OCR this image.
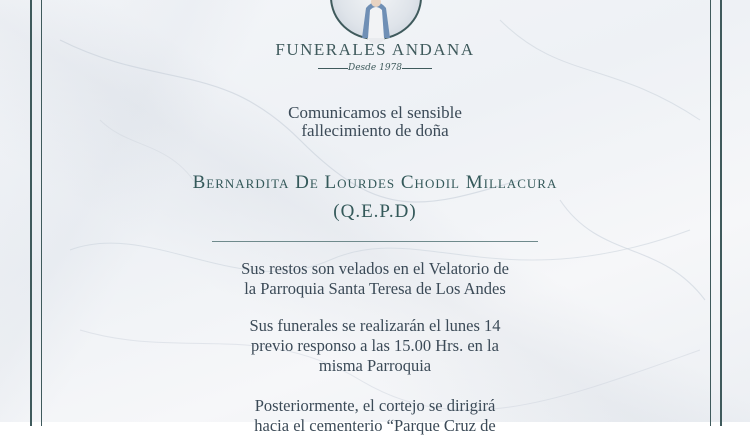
FUNERALES ANDANA
Desde 1978
Comunicamos el sensible
fallecimiento de doña
Bernardita De Lourdes Chodil Millacura
(Q.E.P.D)
Sus restos son velados en el Velatorio de
la Parroquia Santa Teresa de Los Andes
Sus funerales se realizarán el lunes 14
previo responso a las 15.00 Hrs. en la
misma Parroquia
Posteriormente, el cortejo se dirigirá
hacia el cementerio “Parque Cruz de
